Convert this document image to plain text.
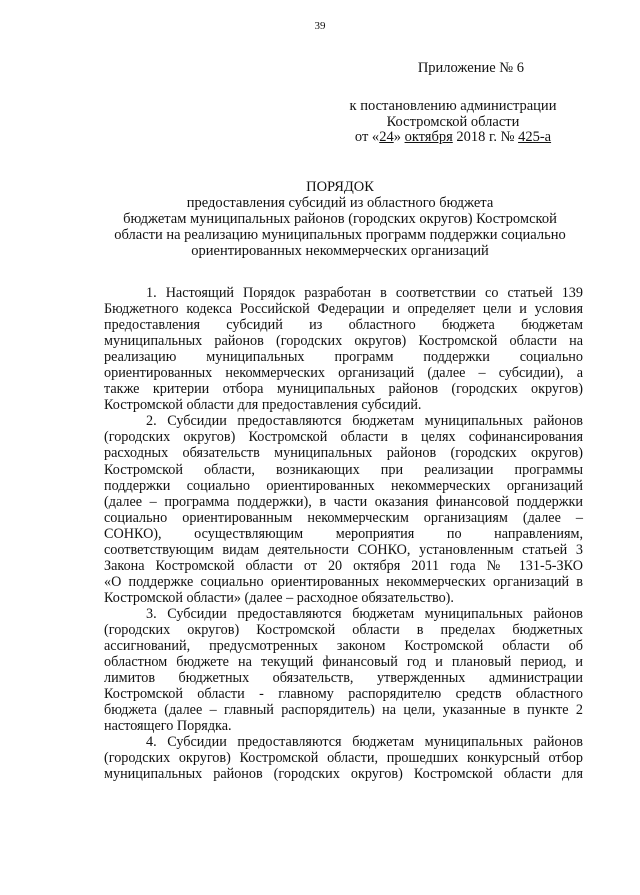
39
Приложение № 6
к постановлению администрации
Костромской области
от «24» октября 2018 г. № 425-а
ПОРЯДОК
предоставления субсидий из областного бюджета
бюджетам муниципальных районов (городских округов) Костромской
области на реализацию муниципальных программ поддержки социально
ориентированных некоммерческих организаций

1. Настоящий Порядок разработан в соответствии со статьей 139
Бюджетного кодекса Российской Федерации и определяет цели и условия
предоставления субсидий из областного бюджета бюджетам
муниципальных районов (городских округов) Костромской области на
реализацию муниципальных программ поддержки социально
ориентированных некоммерческих организаций (далее – субсидии), а
также критерии отбора муниципальных районов (городских округов)
Костромской области для предоставления субсидий.

2. Субсидии предоставляются бюджетам муниципальных районов
(городских округов) Костромской области в целях софинансирования
расходных обязательств муниципальных районов (городских округов)
Костромской области, возникающих при реализации программы
поддержки социально ориентированных некоммерческих организаций
(далее – программа поддержки), в части оказания финансовой поддержки
социально ориентированным некоммерческим организациям (далее –
СОНКО), осуществляющим мероприятия по направлениям,
соответствующим видам деятельности СОНКО, установленным статьей 3
Закона Костромской области от 20 октября 2011 года № 131-5-ЗКО
«О поддержке социально ориентированных некоммерческих организаций в
Костромской области» (далее – расходное обязательство).

3. Субсидии предоставляются бюджетам муниципальных районов
(городских округов) Костромской области в пределах бюджетных
ассигнований, предусмотренных законом Костромской области об
областном бюджете на текущий финансовый год и плановый период, и
лимитов бюджетных обязательств, утвержденных администрации
Костромской области - главному распорядителю средств областного
бюджета (далее – главный распорядитель) на цели, указанные в пункте 2
настоящего Порядка.

4. Субсидии предоставляются бюджетам муниципальных районов
(городских округов) Костромской области, прошедших конкурсный отбор
муниципальных районов (городских округов) Костромской области для
